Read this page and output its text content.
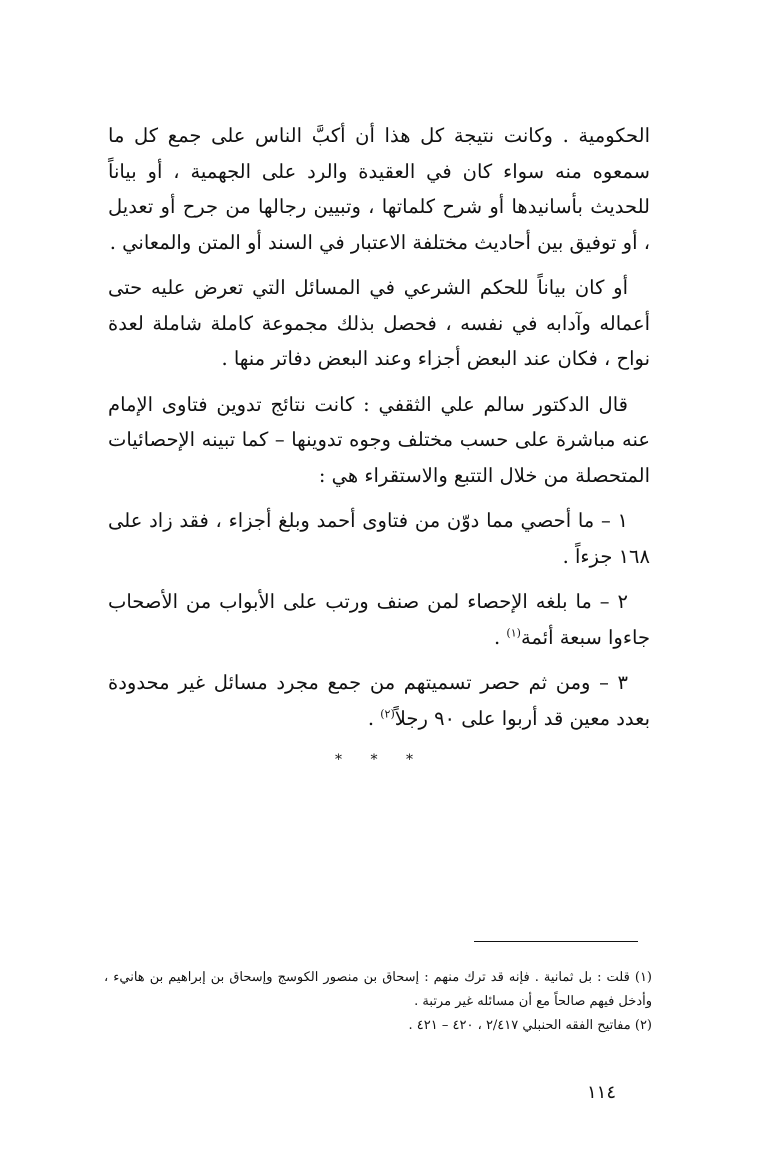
الحكومية . وكانت نتيجة كل هذا أن أكبَّ الناس على جمع كل ما سمعوه منه سواء كان في العقيدة والرد على الجهمية ، أو بياناً للحديث بأسانيدها أو شرح كلماتها ، وتبيين رجالها من جرح أو تعديل ، أو توفيق بين أحاديث مختلفة الاعتبار في السند أو المتن والمعاني .

أو كان بياناً للحكم الشرعي في المسائل التي تعرض عليه حتى أعماله وآدابه في نفسه ، فحصل بذلك مجموعة كاملة شاملة لعدة نواح ، فكان عند البعض أجزاء وعند البعض دفاتر منها .

قال الدكتور سالم علي الثقفي : كانت نتائج تدوين فتاوى الإمام عنه مباشرة على حسب مختلف وجوه تدوينها – كما تبينه الإحصائيات المتحصلة من خلال التتبع والاستقراء هي :

١ – ما أحصي مما دوّن من فتاوى أحمد وبلغ أجزاء ، فقد زاد على ١٦٨ جزءاً .

٢ – ما بلغه الإحصاء لمن صنف ورتب على الأبواب من الأصحاب جاءوا سبعة أئمة$^{(١)}$ .

٣ – ومن ثم حصر تسميتهم من جمع مجرد مسائل غير محدودة بعدد معين قد أربوا على ٩٠ رجلاً$^{(٢)}$ .

* * *

(١) قلت : بل ثمانية . فإنه قد ترك منهم : إسحاق بن منصور الكوسج وإسحاق بن إبراهيم بن هانيء ، وأدخل فيهم صالحاً مع أن مسائله غير مرتبة .

(٢) مفاتيح الفقه الحنبلي ٢/٤١٧ ، ٤٢٠ – ٤٢١ .

١١٤
